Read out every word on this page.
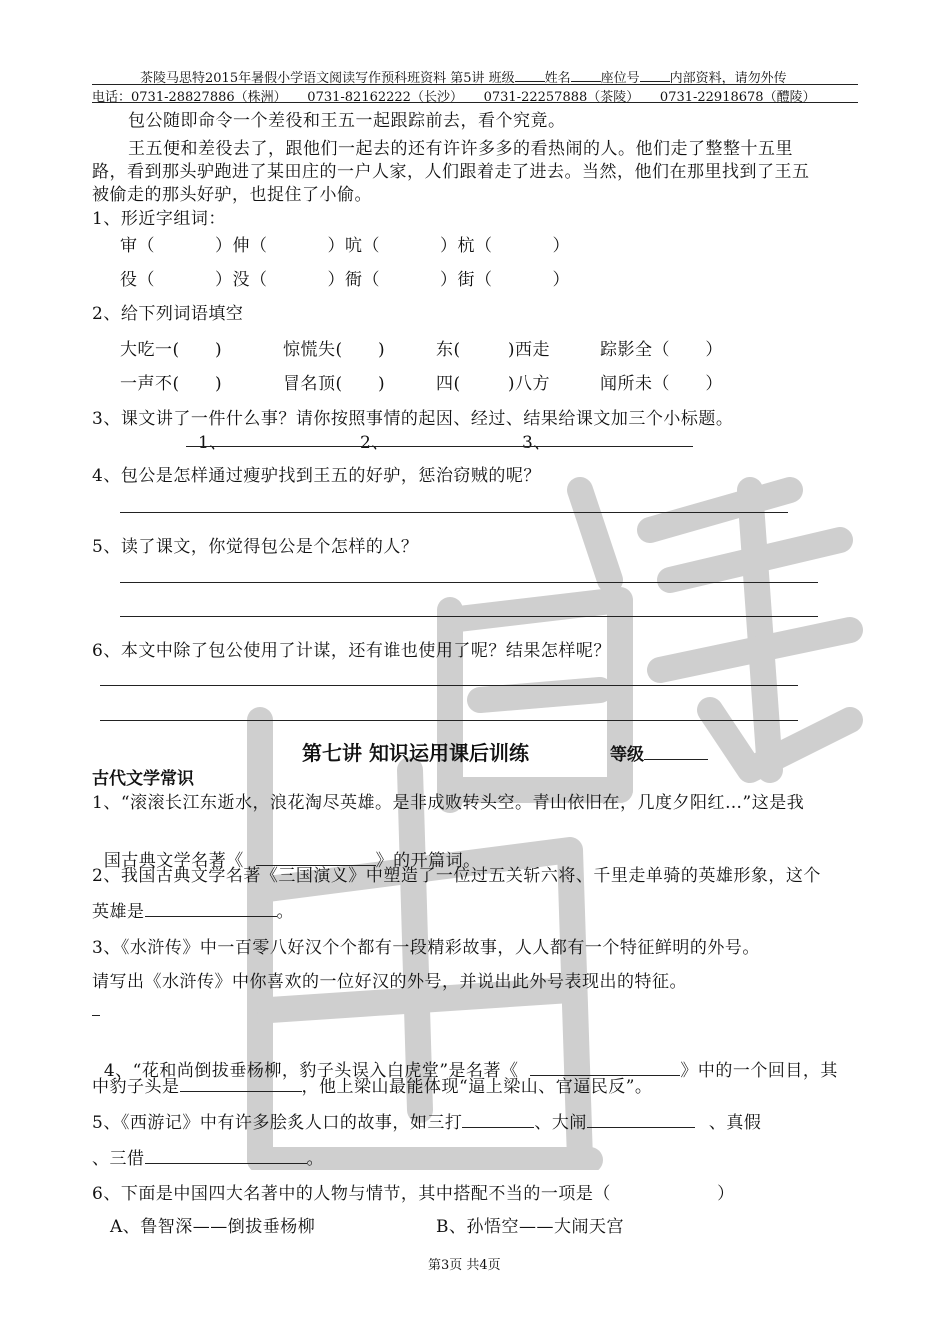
茶陵马思特2015年暑假小学语文阅读写作预科班资料 第5讲 班级 姓名 座位号 内部资料，请勿外传
电话：0731-28827886（株洲）     0731-82162222（长沙）     0731-22257888（茶陵）     0731-22918678（醴陵）
包公随即命令一个差役和王五一起跟踪前去，看个究竟。
王五便和差役去了，跟他们一起去的还有许许多多的看热闹的人。他们走了整整十五里
路，看到那头驴跑进了某田庄的一户人家，人们跟着走了进去。当然，他们在那里找到了王五
被偷走的那头好驴，也捉住了小偷。
1、形近字组词：
审（	）伸（	）吭（	）杭（	）
役（	）没（	）衙（	）街（	）
2、给下列词语填空
大吃一(      )	惊慌失(      )	东(        )西走	踪影全（      ）
一声不(      )	冒名顶(      )	四(        )八方	闻所未（      ）
3、课文讲了一件什么事？请你按照事情的起因、经过、结果给课文加三个小标题。
1、	2、	3、
4、包公是怎样通过瘦驴找到王五的好驴，惩治窃贼的呢？
5、读了课文，你觉得包公是个怎样的人？
6、本文中除了包公使用了计谋，还有谁也使用了呢？结果怎样呢？
第七讲 知识运用课后训练	等级
古代文学常识
1、“滚滚长江东逝水，浪花淘尽英雄。是非成败转头空。青山依旧在，几度夕阳红…”这是我

国古典文学名著《	》的开篇词。

2、我国古典文学名著《三国演义》中塑造了一位过五关斩六将、千里走单骑的英雄形象，这个
英雄是	。
3、《水浒传》中一百零八好汉个个都有一段精彩故事，人人都有一个特征鲜明的外号。
请写出《水浒传》中你喜欢的一位好汉的外号，并说出此外号表现出的特征。

4、“花和尚倒拔垂杨柳，豹子头误入白虎堂”是名著《	》中的一个回目，其

中豹子头是	，他上梁山最能体现“逼上梁山、官逼民反”。
5、《西游记》中有许多脍炙人口的故事，如三打	、大闹	、真假
、三借	。
6、下面是中国四大名著中的人物与情节，其中搭配不当的一项是（                  ）
A、鲁智深——倒拔垂杨柳	B、孙悟空——大闹天宫
第3页 共4页
